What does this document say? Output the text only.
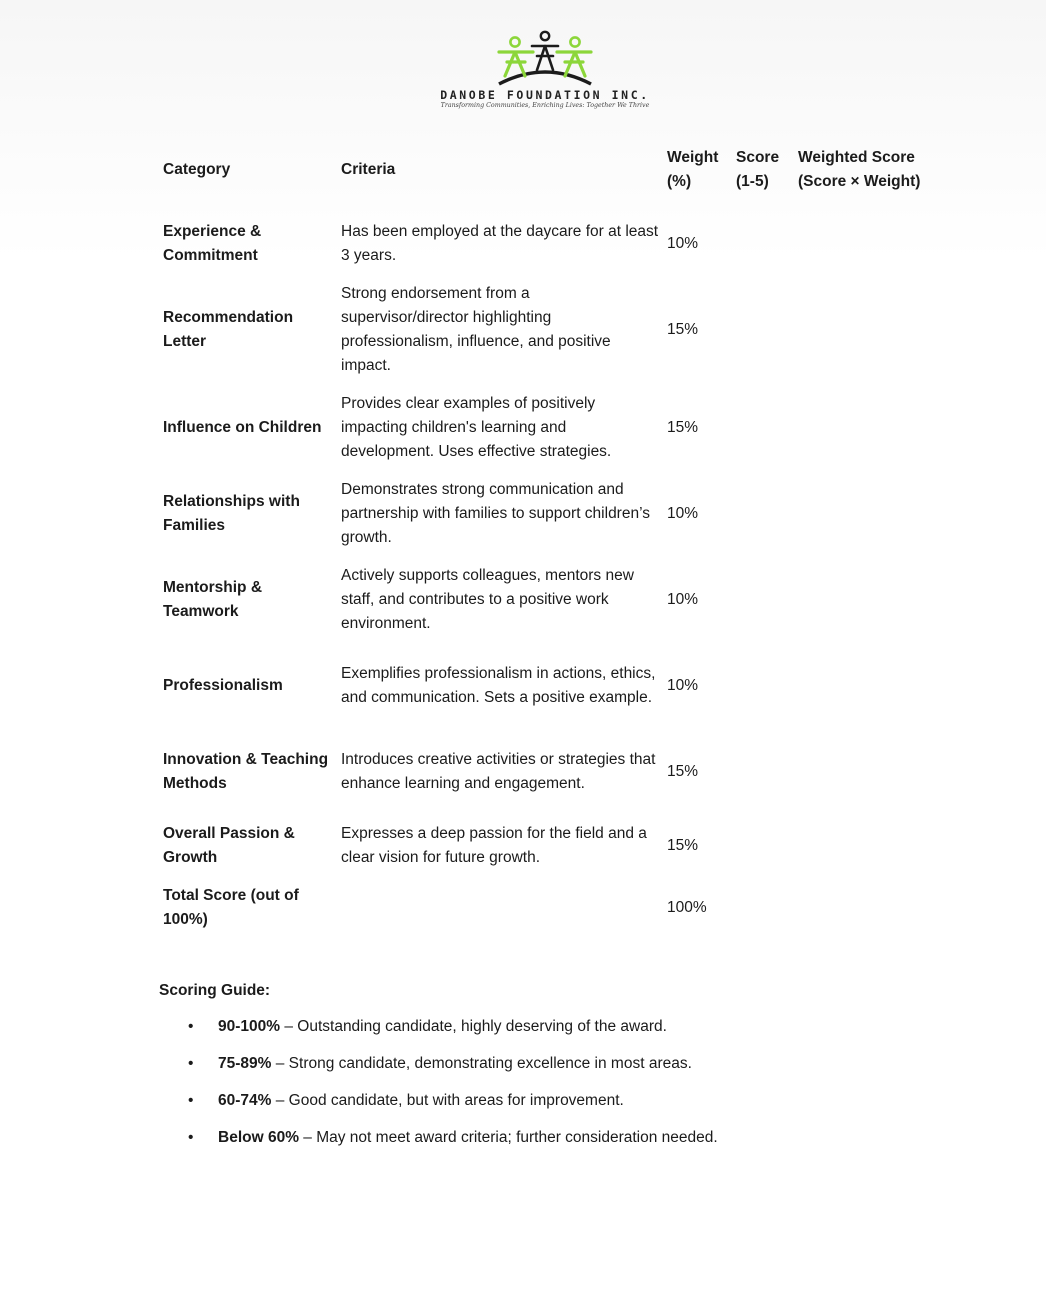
DANOBE FOUNDATION INC.
Transforming Communities, Enriching Lives: Together We Thrive
Category	Criteria	Weight (%)	Score (1-5)	Weighted Score (Score × Weight)

Experience & Commitment	Has been employed at the daycare for at least 3 years.	10%		

Recommendation Letter	Strong endorsement from a supervisor/director highlighting professionalism, influence, and positive impact.	15%		

Influence on Children	Provides clear examples of positively impacting children's learning and development. Uses effective strategies.	15%		

Relationships with Families	Demonstrates strong communication and partnership with families to support children’s growth.	10%		

Mentorship & Teamwork	Actively supports colleagues, mentors new staff, and contributes to a positive work environment.	10%		

Professionalism	Exemplifies professionalism in actions, ethics, and communication. Sets a positive example.	10%		

Innovation & Teaching Methods	Introduces creative activities or strategies that enhance learning and engagement.	15%		

Overall Passion & Growth	Expresses a deep passion for the field and a clear vision for future growth.	15%		

Total Score (out of 100%)		100%		

Scoring Guide:
• 90-100% – Outstanding candidate, highly deserving of the award.
• 75-89% – Strong candidate, demonstrating excellence in most areas.
• 60-74% – Good candidate, but with areas for improvement.
• Below 60% – May not meet award criteria; further consideration needed.
